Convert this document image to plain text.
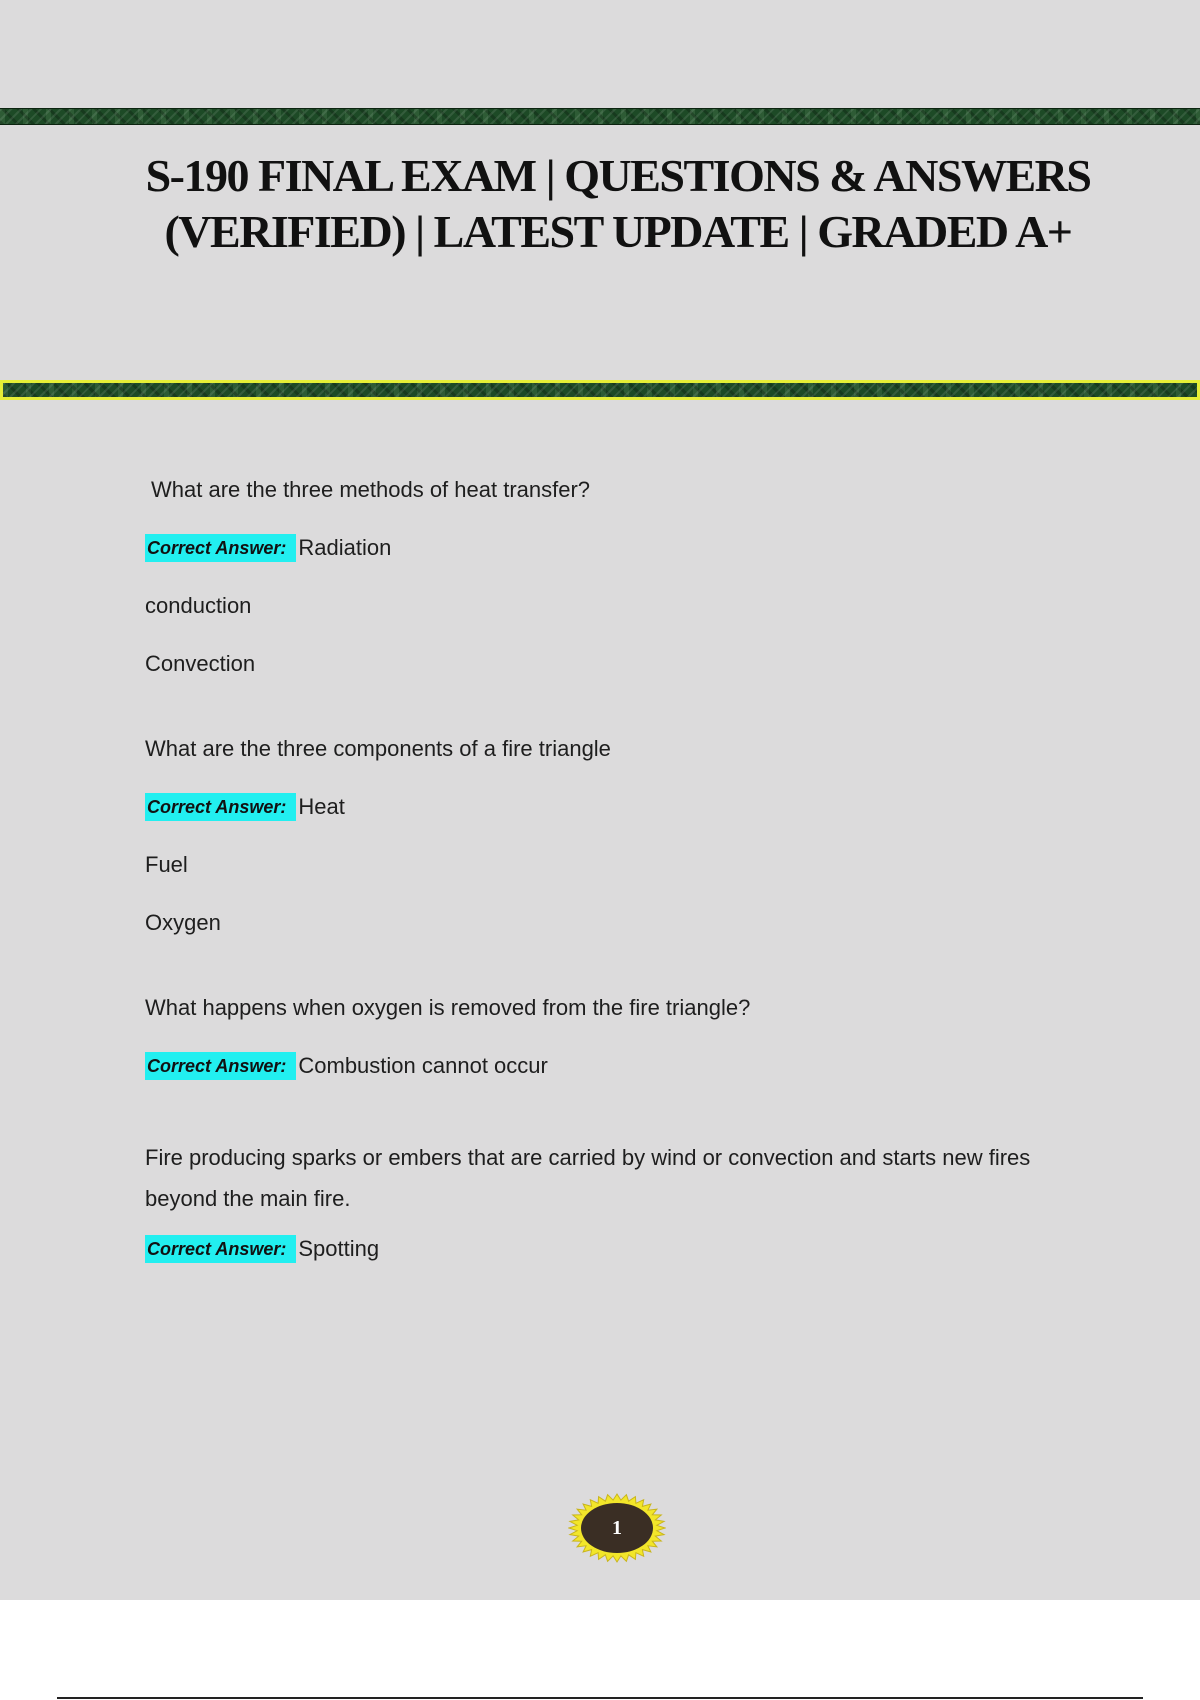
S-190 FINAL EXAM | QUESTIONS & ANSWERS (VERIFIED) | LATEST UPDATE | GRADED A+
What are the three methods of heat transfer?
Correct Answer: Radiation
conduction
Convection
What are the three components of a fire triangle
Correct Answer: Heat
Fuel
Oxygen
What happens when oxygen is removed from the fire triangle?
Correct Answer: Combustion cannot occur
Fire producing sparks or embers that are carried by wind or convection and starts new fires beyond the main fire.
Correct Answer: Spotting
1
